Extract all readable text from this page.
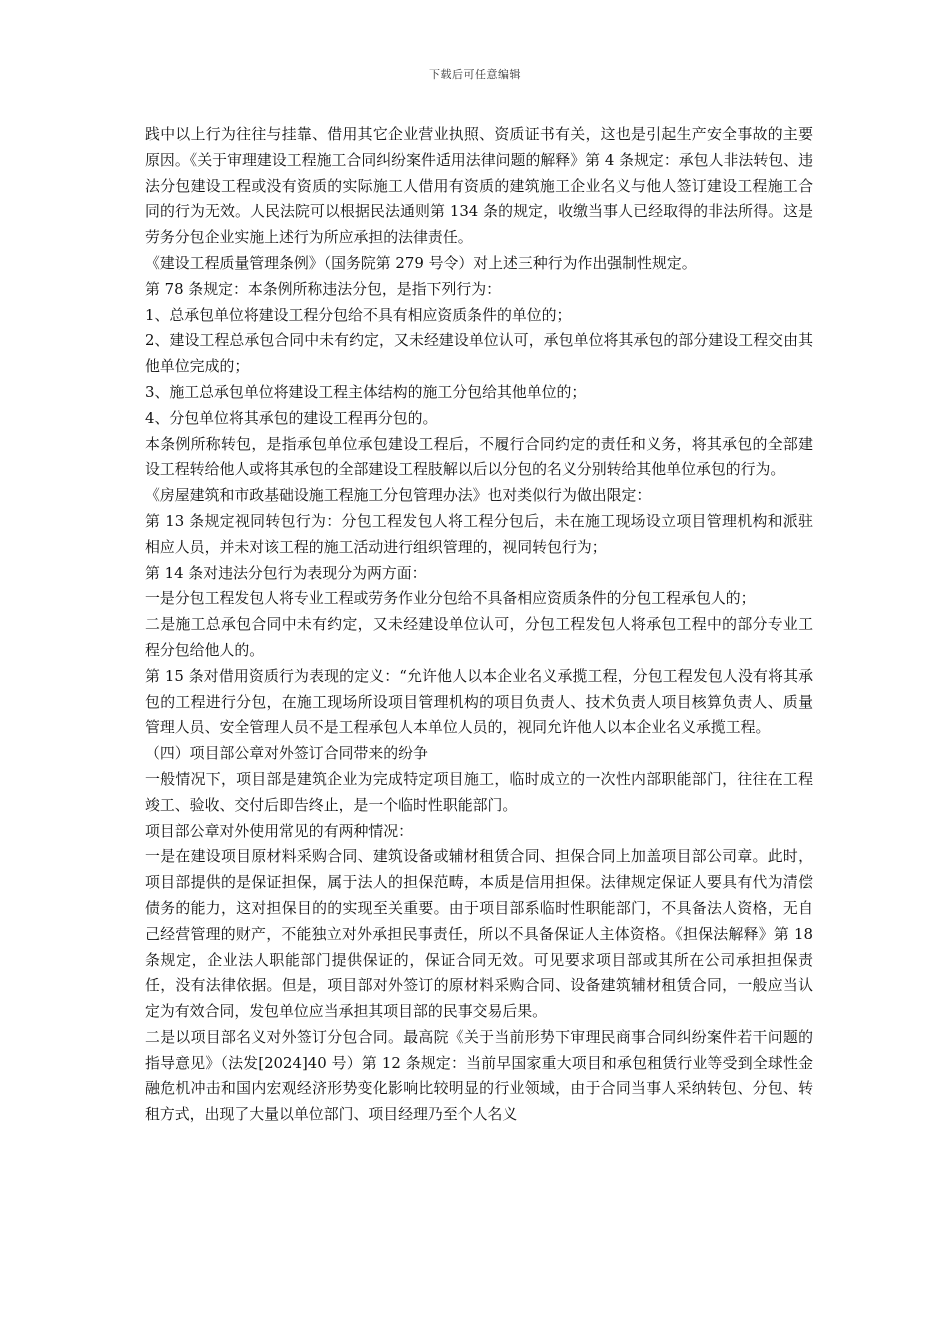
下载后可任意编辑

践中以上行为往往与挂靠、借用其它企业营业执照、资质证书有关，这也是引起生产安全事故的主要原因。《关于审理建设工程施工合同纠纷案件适用法律问题的解释》第 4 条规定：承包人非法转包、违法分包建设工程或没有资质的实际施工人借用有资质的建筑施工企业名义与他人签订建设工程施工合同的行为无效。人民法院可以根据民法通则第 134 条的规定，收缴当事人已经取得的非法所得。这是劳务分包企业实施上述行为所应承担的法律责任。

《建设工程质量管理条例》（国务院第 279 号令）对上述三种行为作出强制性规定。

第 78 条规定：本条例所称违法分包，是指下列行为：

1、总承包单位将建设工程分包给不具有相应资质条件的单位的；

2、建设工程总承包合同中未有约定，又未经建设单位认可，承包单位将其承包的部分建设工程交由其他单位完成的；

3、施工总承包单位将建设工程主体结构的施工分包给其他单位的；

4、分包单位将其承包的建设工程再分包的。

本条例所称转包，是指承包单位承包建设工程后，不履行合同约定的责任和义务，将其承包的全部建设工程转给他人或将其承包的全部建设工程肢解以后以分包的名义分别转给其他单位承包的行为。

《房屋建筑和市政基础设施工程施工分包管理办法》也对类似行为做出限定：

第 13 条规定视同转包行为：分包工程发包人将工程分包后，未在施工现场设立项目管理机构和派驻相应人员，并未对该工程的施工活动进行组织管理的，视同转包行为；

第 14 条对违法分包行为表现分为两方面：

一是分包工程发包人将专业工程或劳务作业分包给不具备相应资质条件的分包工程承包人的；

二是施工总承包合同中未有约定，又未经建设单位认可，分包工程发包人将承包工程中的部分专业工程分包给他人的。

第 15 条对借用资质行为表现的定义：“允许他人以本企业名义承揽工程，分包工程发包人没有将其承包的工程进行分包，在施工现场所设项目管理机构的项目负责人、技术负责人项目核算负责人、质量管理人员、安全管理人员不是工程承包人本单位人员的，视同允许他人以本企业名义承揽工程。

（四）项目部公章对外签订合同带来的纷争

一般情况下，项目部是建筑企业为完成特定项目施工，临时成立的一次性内部职能部门，往往在工程竣工、验收、交付后即告终止，是一个临时性职能部门。

项目部公章对外使用常见的有两种情况：

一是在建设项目原材料采购合同、建筑设备或辅材租赁合同、担保合同上加盖项目部公司章。此时，项目部提供的是保证担保，属于法人的担保范畴，本质是信用担保。法律规定保证人要具有代为清偿债务的能力，这对担保目的的实现至关重要。由于项目部系临时性职能部门，不具备法人资格，无自己经营管理的财产，不能独立对外承担民事责任，所以不具备保证人主体资格。《担保法解释》第 18 条规定，企业法人职能部门提供保证的，保证合同无效。可见要求项目部或其所在公司承担担保责任，没有法律依据。但是，项目部对外签订的原材料采购合同、设备建筑辅材租赁合同，一般应当认定为有效合同，发包单位应当承担其项目部的民事交易后果。

二是以项目部名义对外签订分包合同。最高院《关于当前形势下审理民商事合同纠纷案件若干问题的指导意见》（法发[2024]40 号）第 12 条规定：当前早国家重大项目和承包租赁行业等受到全球性金融危机冲击和国内宏观经济形势变化影响比较明显的行业领域，由于合同当事人采纳转包、分包、转租方式，出现了大量以单位部门、项目经理乃至个人名义
